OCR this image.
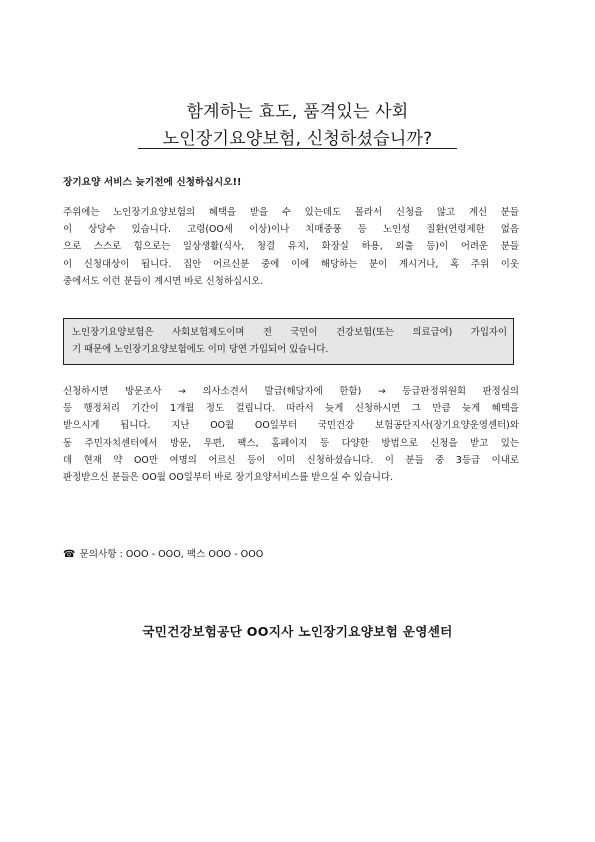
함계하는 효도, 품격있는 사회
노인장기요양보험, 신청하셨습니까?
장기요양 서비스 늦기전에 신청하십시오!!
주위에는 노인장기요양보험의 혜택을 받을 수 있는데도 몰라서 신청을 않고 계신 분들
이 상당수 있습니다. 고령(OO세 이상)이나 치매중풍 등 노인성 질환(연령제한 없음
으로 스스로 힘으로는 일상생활(식사, 청결 유지, 화장실 하용, 외출 등)이 어려운 분들
이 신청대상이 됩니다. 집안 어르신분 중에 이에 해당하는 분이 계시거나, 혹 주위 이웃
중에서도 이런 분들이 계시면 바로 신청하십시오.
노인장기요양보험은 사회보험제도이며 전 국민이 건강보험(또는 의료급여) 가입자이
기 때문에 노인장기요양보험에도 이미 당연 가입되어 있습니다.
신청하시면 방문조사 → 의사소견서 발급(해당자에 한함) → 등급판정위원회 판정심의
등 행정처리 기간이 1개월 정도 걸립니다. 따라서 늦게 신청하시면 그 만큼 늦게 혜택을
받으시게 됩니다. 지난 OO월 OO일부터 국민건강 보험공단지사(장기요양운영센터)와
동 주민자치센터에서 방문, 우편, 팩스, 홈페이지 등 다양한 방법으로 신청을 받고 있는
데 현재 약 OO만 여명의 어르신 등이 이미 신청하셨습니다. 이 분들 중 3등급 이내로
판정받으신 분들은 OO월 OO일부터 바로 장기요양서비스를 받으실 수 있습니다.
☎ 문의사항 : OOO - OOO, 팩스 OOO - OOO
국민건강보험공단 OO지사 노인장기요양보험 운영센터
